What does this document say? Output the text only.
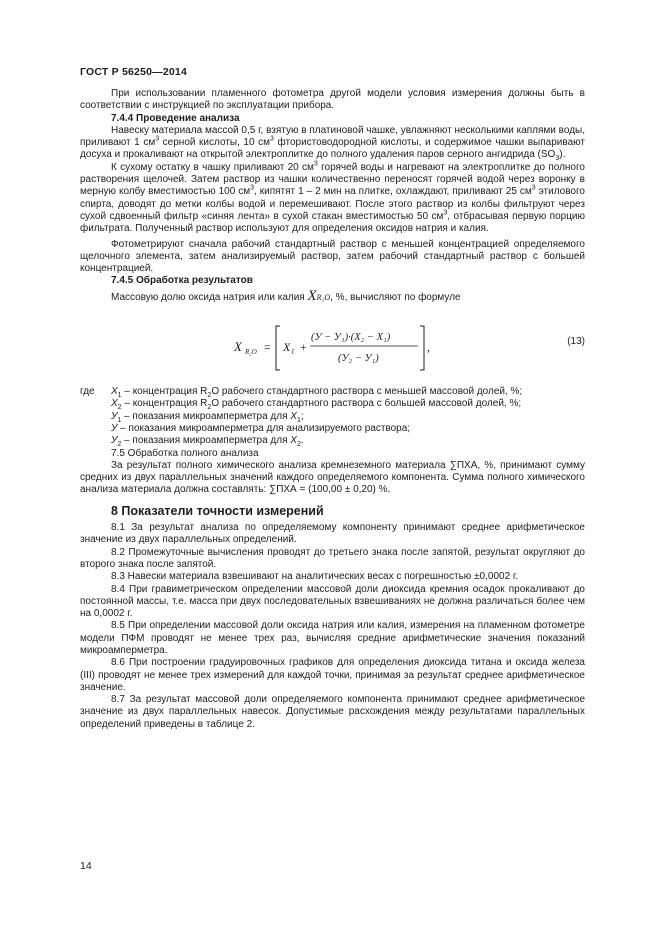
ГОСТ Р 56250—2014

При использовании пламенного фотометра другой модели условия измерения должны быть в соответствии с инструкцией по эксплуатации прибора.

7.4.4 Проведение анализа

Навеску материала массой 0,5 г, взятую в платиновой чашке, увлажняют несколькими каплями воды, приливают 1 $см^3$ серной кислоты, 10 $см^3$ фтористоводородной кислоты, и содержимое чашки выпаривают досуха и прокаливают на открытой электроплитке до полного удаления паров серного ангидрида $(SO_3)$.

К сухому остатку в чашку приливают 20 $см^3$ горячей воды и нагревают на электроплитке до полного растворения щелочей. Затем раствор из чашки количественно переносят горячей водой через воронку в мерную колбу вместимостью 100 $см^3$, кипятят 1 – 2 мин на плитке, охлаждают, приливают 25 $см^3$ этилового спирта, доводят до метки колбы водой и перемешивают. После этого раствор из колбы фильтруют через сухой сдвоенный фильтр «синяя лента» в сухой стакан вместимостью 50 $см^3$, отбрасывая первую порцию фильтрата. Полученный раствор используют для определения оксидов натрия и калия.

Фотометрируют сначала рабочий стандартный раствор с меньшей концентрацией определяемого щелочного элемента, затем анализируемый раствор, затем рабочий стандартный раствор с большей концентрацией.

7.4.5 Обработка результатов

Массовую долю оксида натрия или калия XR₂O, %, вычисляют по формуле

X R₂O = X₁ +
(У − У₁)·(X₂ − X₁)
(У₂ − У₁)
,	(13)
где $X_1$ – концентрация $R_2O$ рабочего стандартного раствора с меньшей массовой долей, %;
$X_2$ – концентрация $R_2O$ рабочего стандартного раствора с большей массовой долей, %;
$У_1$ – показания микроамперметра для $X_1$;
У – показания микроамперметра для анализируемого раствора;
$У_2$ – показания микроамперметра для $X_2$.
7.5 Обработка полного анализа

За результат полного химического анализа кремнеземного материала ∑ПХА, %, принимают сумму средних из двух параллельных значений каждого определяемого компонента. Сумма полного химического анализа материала должна составлять: ∑ПХА = (100,00 ± 0,20) %.

8 Показатели точности измерений

8.1 За результат анализа по определяемому компоненту принимают среднее арифметическое значение из двух параллельных определений.

8.2 Промежуточные вычисления проводят до третьего знака после запятой, результат округляют до второго знака после запятой.

8.3 Навески материала взвешивают на аналитических весах с погрешностью ±0,0002 г.

8.4 При гравиметрическом определении массовой доли диоксида кремния осадок прокаливают до постоянной массы, т.е. масса при двух последовательных взвешиваниях не должна различаться более чем на 0,0002 г.

8.5 При определении массовой доли оксида натрия или калия, измерения на пламенном фотометре модели ПФМ проводят не менее трех раз, вычисляя средние арифметические значения показаний микроамперметра.

8.6 При построении градуировочных графиков для определения диоксида титана и оксида железа (III) проводят не менее трех измерений для каждой точки, принимая за результат среднее арифметическое значение.

8.7 За результат массовой доли определяемого компонента принимают среднее арифметическое значение из двух параллельных навесок. Допустимые расхождения между результатами параллельных определений приведены в таблице 2.

14
